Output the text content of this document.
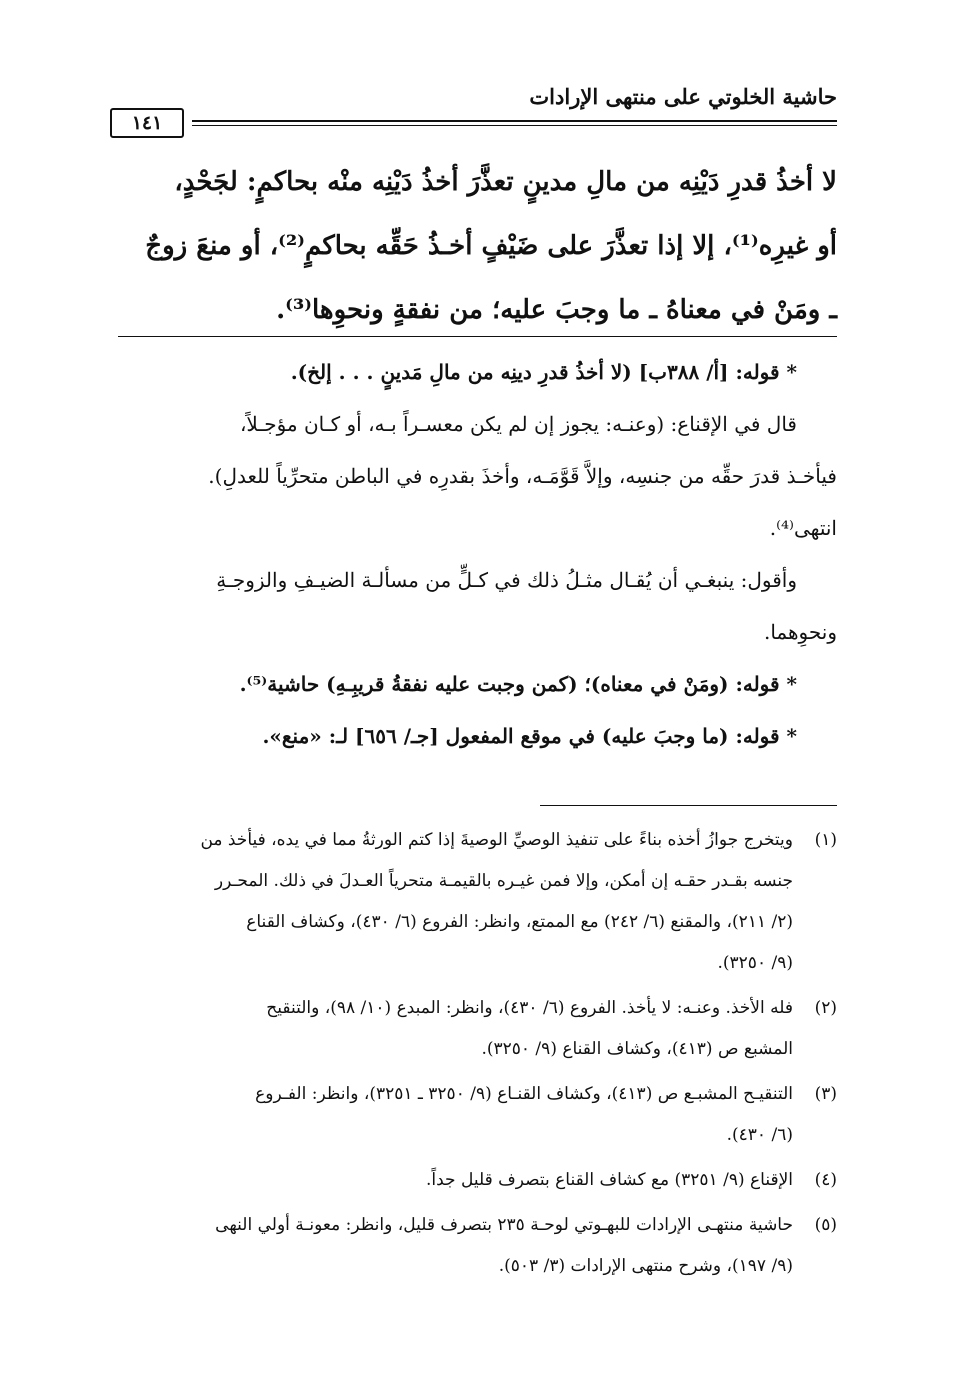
حاشية الخلوتي على منتهى الإرادات
١٤١

لا أخذُ قدرِ دَيْنِه من مالِ مدينٍ تعذَّرَ أخذُ دَيْنِه منْه بحاكمٍ: لجَحْدٍ،

أو غيرِه⁽¹⁾، إلا إذا تعذَّرَ على ضَيْفٍ أخـذُ حَقِّه بحاكمٍ⁽²⁾، أو منعَ زوجٌ

ـ ومَنْ في معناهُ ـ ما وجبَ عليه؛ من نفقةٍ ونحوِها⁽³⁾.

* قوله: [أ/ ٣٨٨ب] (لا أخذُ قدرِ دينِه من مالِ مَدينٍ . . . إلخ).
قال في الإقناع: (وعنـه: يجوز إن لم يكن معسـراً بـه، أو كـان مؤجـلاً،
فيأخـذ قدرَ حقِّه من جنسِه، وإلاَّ قَوَّمَـه، وأخذَ بقدرِه في الباطن متحرِّياً للعدلِ).
انتهى⁽⁴⁾.
وأقول: ينبغـي أن يُقـال مثـلُ ذلك في كـلٍّ من مسألـة الضيـفِ والزوجـةِ
ونحوِهما.
* قوله: (ومَنْ في معناه)؛ (كمن وجبت عليه نفقةُ قريبِـهِ) حاشية⁽⁵⁾.
* قوله: (ما وجبَ عليه) في موقع المفعول [جـ/ ٦٥٦] لـ: «منع».
(١)
ويتخرج جوازُ أخذه بناءً على تنفيذ الوصيِّ الوصيةَ إذا كتم الورثةُ مما في يده، فيأخذ من
جنسه بقـدر حقـه إن أمكن، وإلا فمن غيـره بالقيمـة متحرياً العـدلَ في ذلك. المحـرر
(٢/ ٢١١)، والمقنع (٦/ ٢٤٢) مع الممتع، وانظر: الفروع (٦/ ٤٣٠)، وكشاف القناع
(٩/ ٣٢٥٠).
(٢)
فله الأخذ. وعنـه: لا يأخذ. الفروع (٦/ ٤٣٠)، وانظر: المبدع (١٠/ ٩٨)، والتنقيح
المشبع ص (٤١٣)، وكشاف القناع (٩/ ٣٢٥٠).
(٣)
التنقيـح المشبـع ص (٤١٣)، وكشاف القنـاع (٩/ ٣٢٥٠ ـ ٣٢٥١)، وانظر: الفـروع
(٦/ ٤٣٠).
(٤)
الإقناع (٩/ ٣٢٥١) مع كشاف القناع بتصرف قليل جداً.
(٥)
حاشية منتهـى الإرادات للبهـوتي لوحـة ٢٣٥ بتصرف قليل، وانظر: معونـة أولي النهى
(٩/ ١٩٧)، وشرح منتهى الإرادات (٣/ ٥٠٣).
